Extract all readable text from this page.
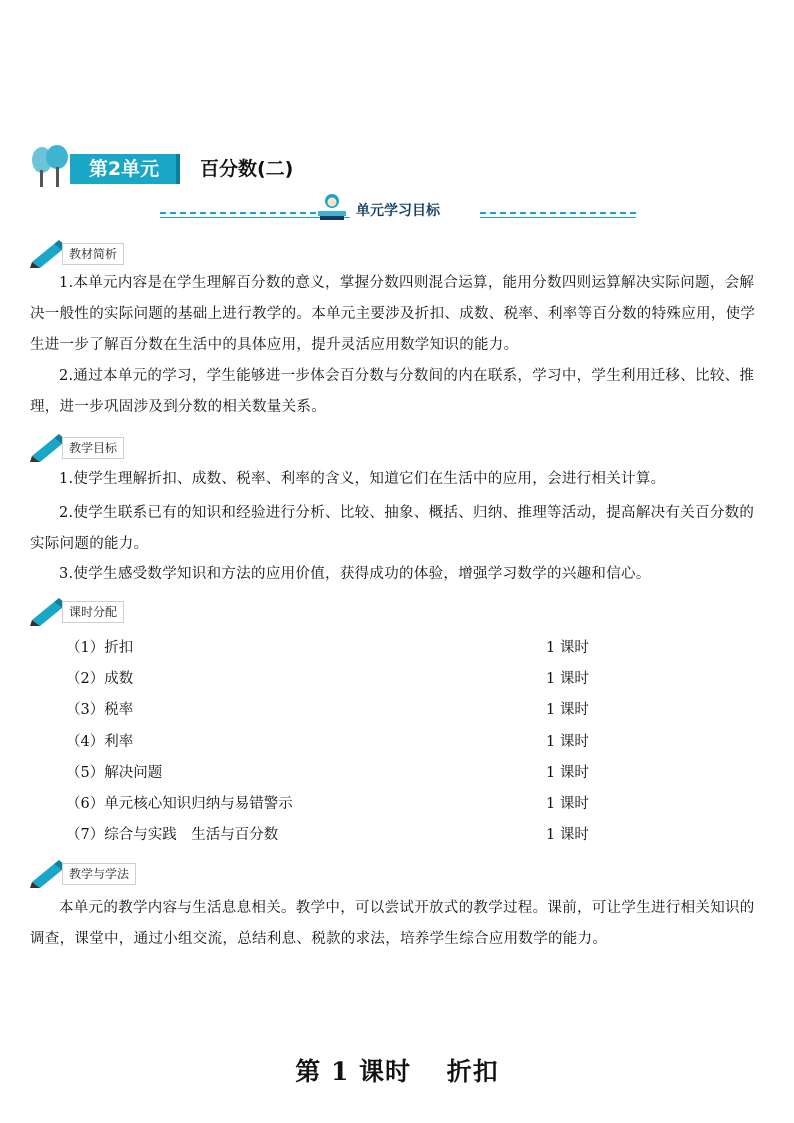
第2单元	百分数(二)
单元学习目标
教材简析

1.本单元内容是在学生理解百分数的意义，掌握分数四则混合运算，能用分数四则运算解决实际问题，会解决一般性的实际问题的基础上进行教学的。本单元主要涉及折扣、成数、税率、利率等百分数的特殊应用，使学生进一步了解百分数在生活中的具体应用，提升灵活应用数学知识的能力。

2.通过本单元的学习，学生能够进一步体会百分数与分数间的内在联系，学习中，学生利用迁移、比较、推理，进一步巩固涉及到分数的相关数量关系。

教学目标

1.使学生理解折扣、成数、税率、利率的含义，知道它们在生活中的应用，会进行相关计算。

2.使学生联系已有的知识和经验进行分析、比较、抽象、概括、归纳、推理等活动，提高解决有关百分数的实际问题的能力。

3.使学生感受数学知识和方法的应用价值，获得成功的体验，增强学习数学的兴趣和信心。

课时分配
（1）折扣	1 课时
（2）成数	1 课时
（3）税率	1 课时
（4）利率	1 课时
（5）解决问题	1 课时
（6）单元核心知识归纳与易错警示	1 课时
（7）综合与实践　生活与百分数	1 课时
教学与学法

本单元的教学内容与生活息息相关。教学中，可以尝试开放式的教学过程。课前，可让学生进行相关知识的调查，课堂中，通过小组交流，总结利息、税款的求法，培养学生综合应用数学的能力。

第 1 课时　 折扣
